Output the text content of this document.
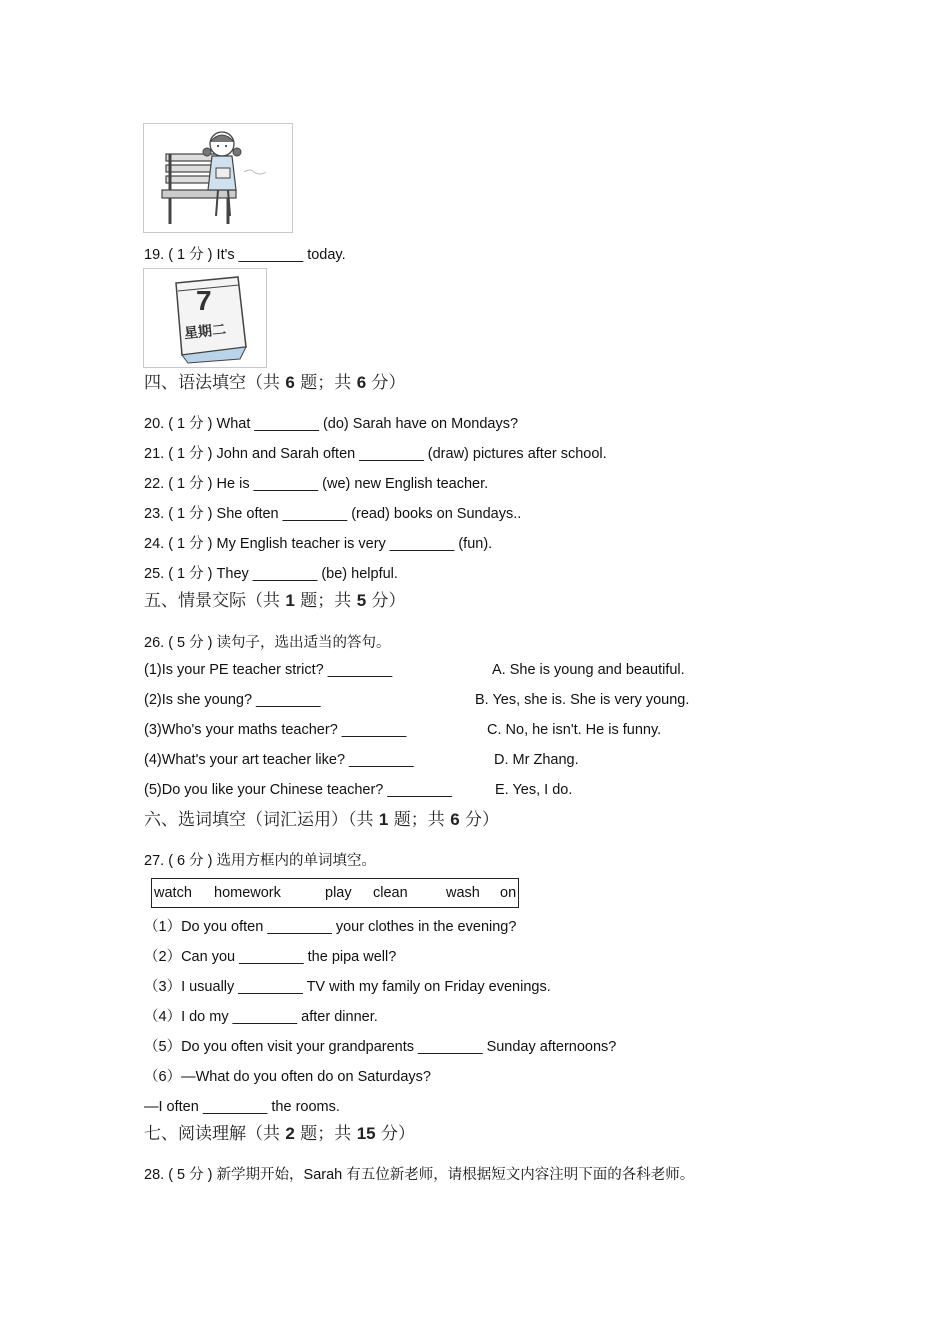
19. ( 1 分 ) It's ________ today.
7
星期二
四、语法填空（共 6 题；共 6 分）
20. ( 1 分 ) What ________ (do) Sarah have on Mondays?
21. ( 1 分 ) John and Sarah often ________ (draw) pictures after school.
22. ( 1 分 ) He is ________ (we) new English teacher.
23. ( 1 分 ) She often ________ (read) books on Sundays..
24. ( 1 分 ) My English teacher is very ________ (fun).
25. ( 1 分 ) They ________ (be) helpful.
五、情景交际（共 1 题；共 5 分）
26. ( 5 分 ) 读句子，选出适当的答句。
(1)Is your PE teacher strict? ________	A. She is young and beautiful.
(2)Is she young? ________	B. Yes, she is. She is very young.
(3)Who's your maths teacher? ________	C. No, he isn't. He is funny.
(4)What's your art teacher like? ________	D. Mr Zhang.
(5)Do you like your Chinese teacher? ________	E. Yes, I do.
六、选词填空（词汇运用）（共 1 题；共 6 分）
27. ( 6 分 ) 选用方框内的单词填空。
watch homework	play clean	wash on
（1）Do you often ________ your clothes in the evening?
（2）Can you ________ the pipa well?
（3）I usually ________ TV with my family on Friday evenings.
（4）I do my ________ after dinner.
（5）Do you often visit your grandparents ________ Sunday afternoons?
（6）—What do you often do on Saturdays?
—I often ________ the rooms.
七、阅读理解（共 2 题；共 15 分）
28. ( 5 分 ) 新学期开始，Sarah 有五位新老师，请根据短文内容注明下面的各科老师。
